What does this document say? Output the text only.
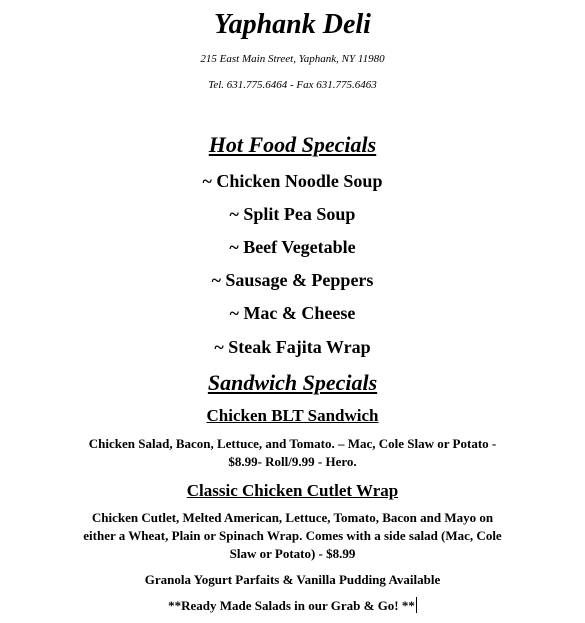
Yaphank Deli
215 East Main Street, Yaphank, NY 11980
Tel. 631.775.6464 - Fax 631.775.6463
Hot Food Specials
~ Chicken Noodle Soup
~ Split Pea Soup
~ Beef Vegetable
~ Sausage & Peppers
~ Mac & Cheese
~ Steak Fajita Wrap
Sandwich Specials
Chicken BLT Sandwich
Chicken Salad, Bacon, Lettuce, and Tomato. – Mac, Cole Slaw or Potato -
$8.99- Roll/9.99 - Hero.
Classic Chicken Cutlet Wrap
Chicken Cutlet, Melted American, Lettuce, Tomato, Bacon and Mayo on
either a Wheat, Plain or Spinach Wrap. Comes with a side salad (Mac, Cole
Slaw or Potato) - $8.99
Granola Yogurt Parfaits & Vanilla Pudding Available
**Ready Made Salads in our Grab & Go! **
